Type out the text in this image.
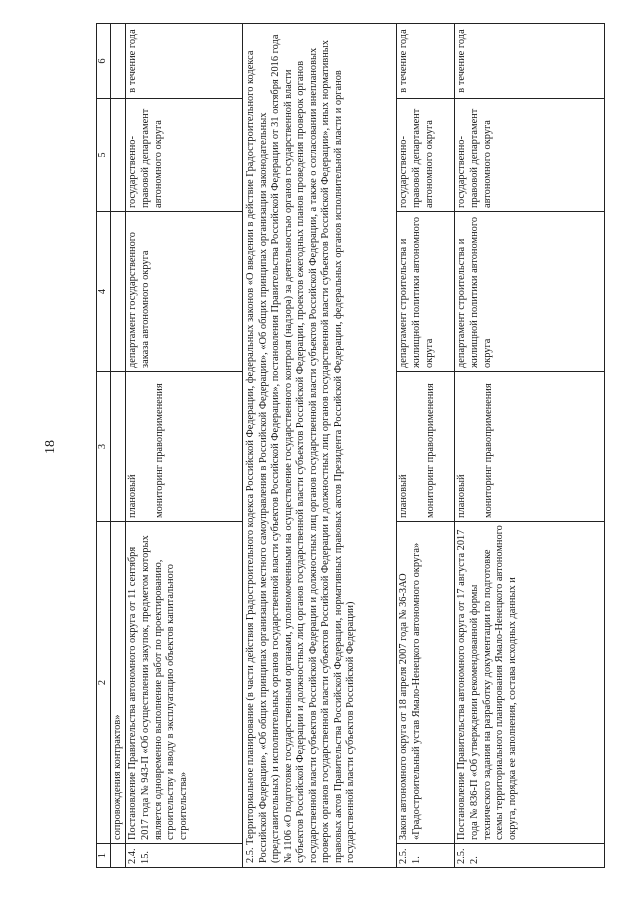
18
1	2	3	4	5	6
	сопровождения контрактов»				
2.4.15.	Постановление Правительства автономного округа от 11 сентября 2017 года № 943-П «Об осуществлении закупок, предметом которых является одновременно выполнение работ по проектированию, строительству и вводу в эксплуатацию объектов капитального строительства»	плановый мониторинг правоприменения	департамент государственного заказа автономного округа	государственно-правовой департамент автономного округа	в течение года
2.5. Территориальное планирование (в части действия Градостроительного кодекса Российской Федерации, федеральных законов «О введении в действие Градостроительного кодекса Российской Федерации», «Об общих принципах организации местного самоуправления в Российской Федерации», «Об общих принципах организации законодательных (представительных) и исполнительных органов государственной власти субъектов Российской Федерации», постановления Правительства Российской Федерации от 31 октября 2016 года № 1106 «О подготовке государственными органами, уполномоченными на осуществление государственного контроля (надзора) за деятельностью органов государственной власти субъектов Российской Федерации и должностных лиц органов государственной власти субъектов Российской Федерации, проектов ежегодных планов проведения проверок органов государственной власти субъектов Российской Федерации и должностных лиц органов государственной власти субъектов Российской Федерации, а также о согласовании внеплановых проверок органов государственной власти субъектов Российской Федерации и должностных лиц органов государственной власти субъектов Российской Федерации», иных нормативных правовых актов Правительства Российской Федерации, нормативных правовых актов Президента Российской Федерации, федеральных органов исполнительной власти и органов государственной власти субъектов Российской Федерации)					
2.5.1.	Закон автономного округа от 18 апреля 2007 года № 36-ЗАО «Градостроительный устав Ямало-Ненецкого автономного округа»	плановый мониторинг правоприменения	департамент строительства и жилищной политики автономного округа	государственно-правовой департамент автономного округа	в течение года
2.5.2.	Постановление Правительства автономного округа от 17 августа 2017 года № 836-П «Об утверждении рекомендованной формы технического задания на разработку документации по подготовке схемы территориального планирования Ямало-Ненецкого автономного округа, порядка ее заполнения, состава исходных данных и	плановый мониторинг правоприменения	департамент строительства и жилищной политики автономного округа	государственно-правовой департамент автономного округа	в течение года
